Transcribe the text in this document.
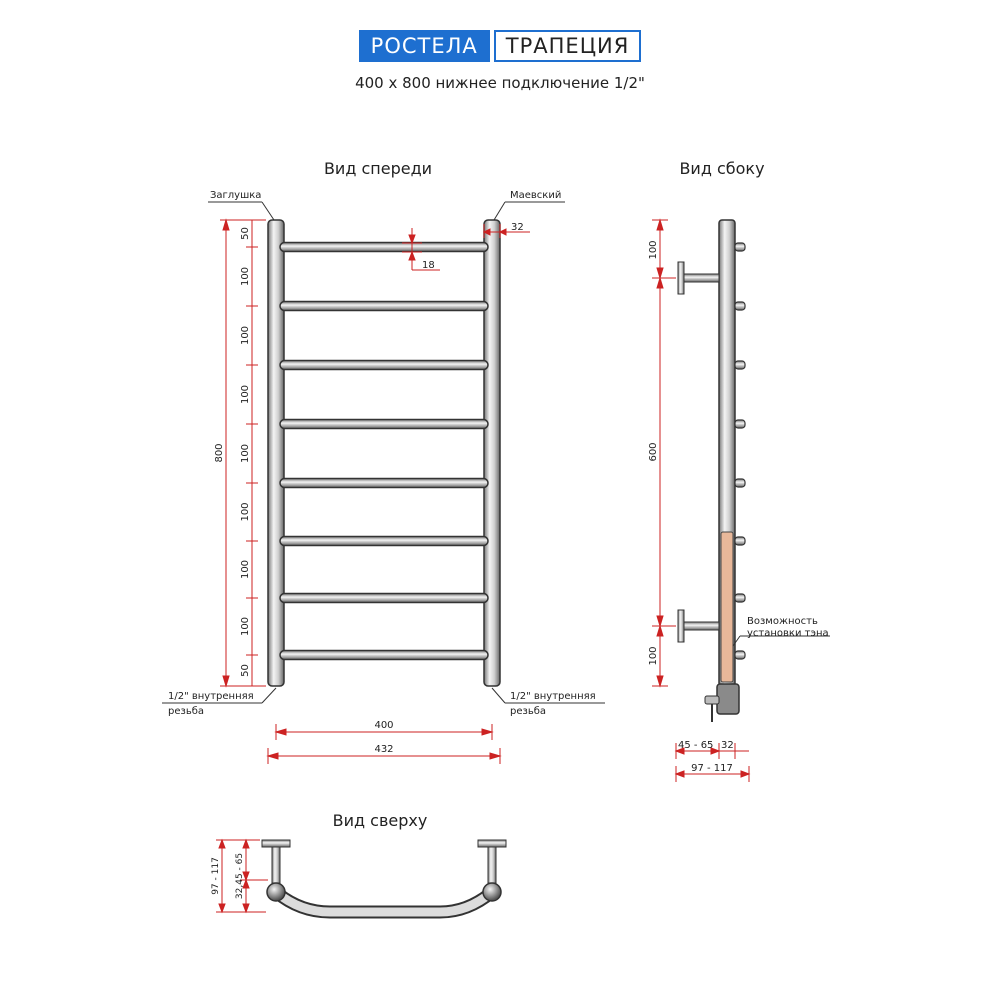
РОСТЕЛА ТРАПЕЦИЯ
400 x 800 нижнее подключение 1/2"
Вид спереди	Вид сбоку
Вид сверху
Заглушка	Маевский
1/2" внутренняя
резьба
1/2" внутренняя
резьба
800
50
100
100
100
100
100
100
100
50
32
18
400
432
100
600
100
Возможность
установки тэна
45 - 65 32
97 - 117
97 - 117 32,45 - 65
